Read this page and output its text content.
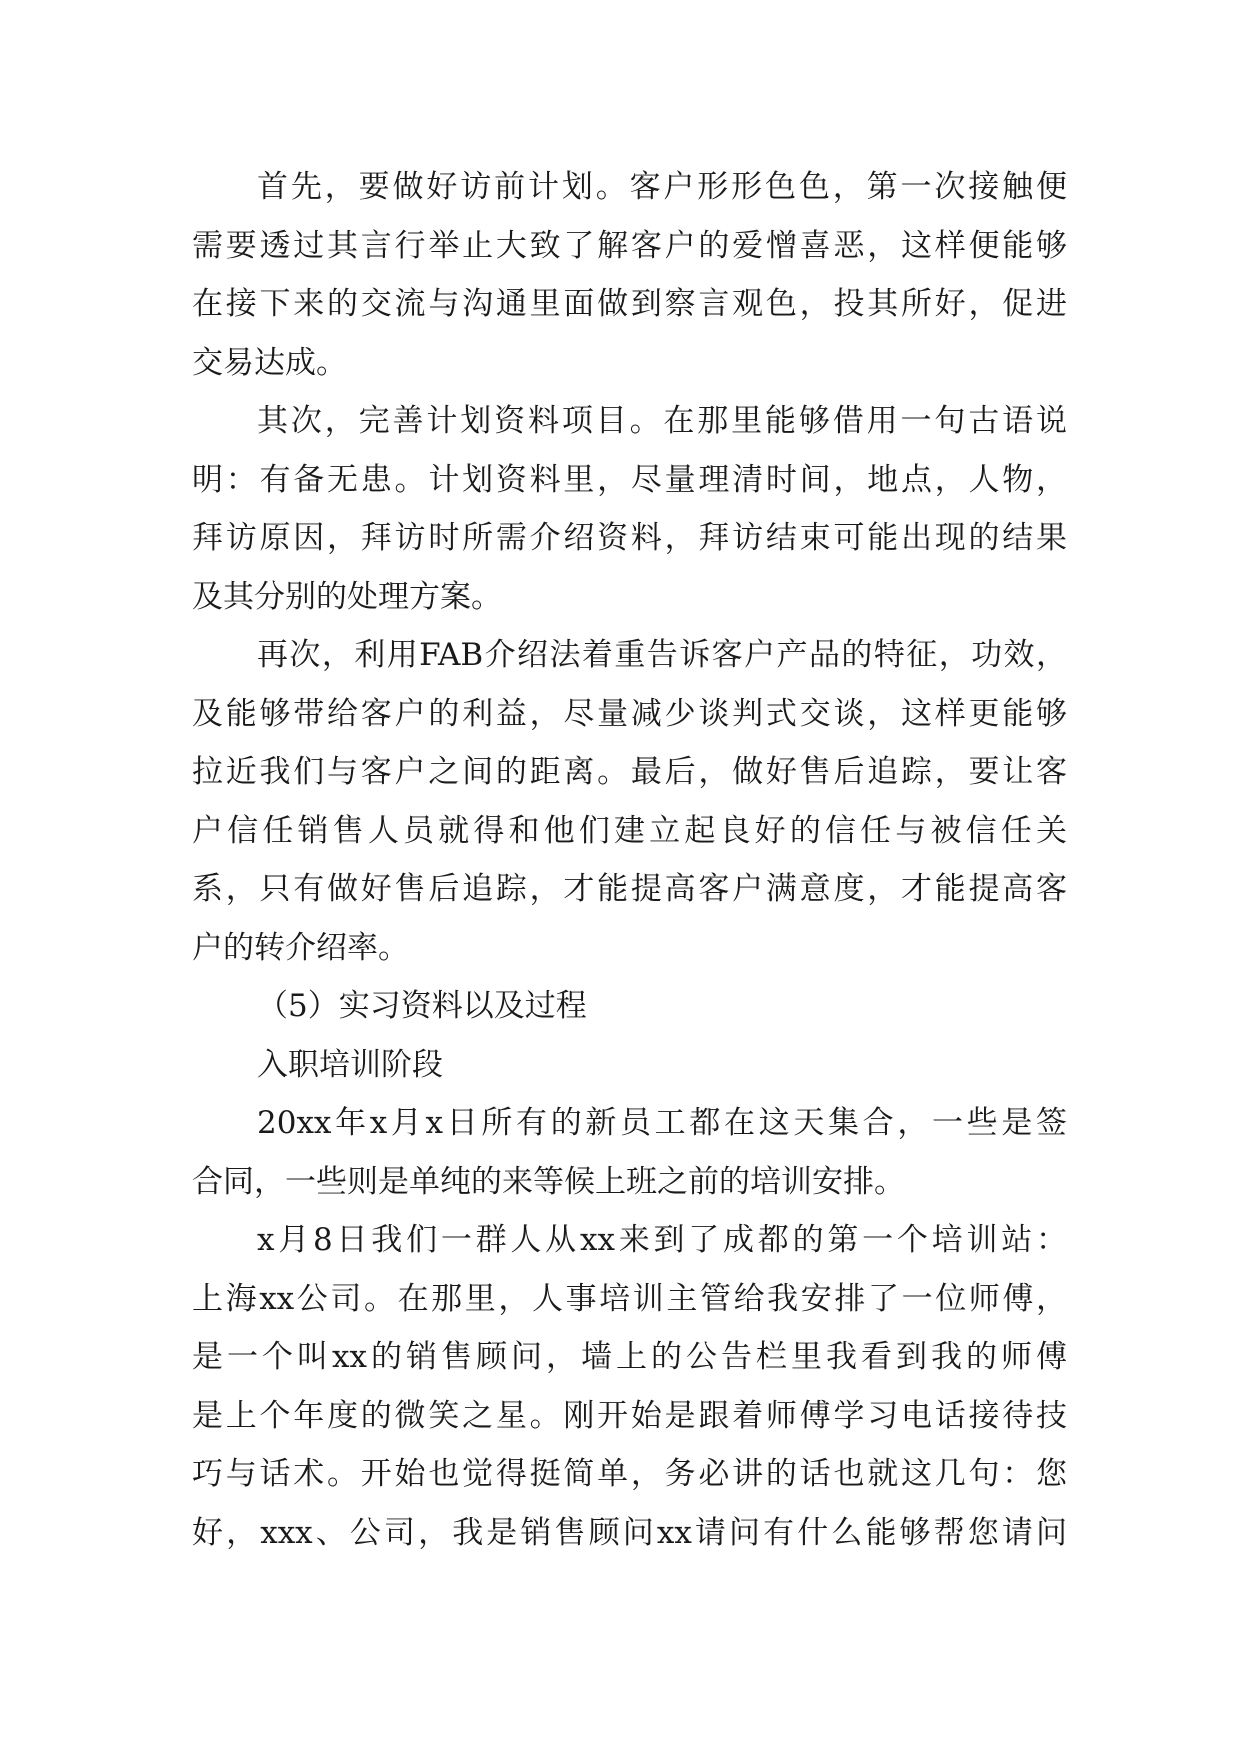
首先，要做好访前计划。客户形形色色，第一次接触便
需要透过其言行举止大致了解客户的爱憎喜恶，这样便能够
在接下来的交流与沟通里面做到察言观色，投其所好，促进
交易达成。
其次，完善计划资料项目。在那里能够借用一句古语说
明：有备无患。计划资料里，尽量理清时间，地点，人物，
拜访原因，拜访时所需介绍资料，拜访结束可能出现的结果
及其分别的处理方案。
再次，利用FAB介绍法着重告诉客户产品的特征，功效，
及能够带给客户的利益，尽量减少谈判式交谈，这样更能够
拉近我们与客户之间的距离。最后，做好售后追踪，要让客
户信任销售人员就得和他们建立起良好的信任与被信任关
系，只有做好售后追踪，才能提高客户满意度，才能提高客
户的转介绍率。
（5）实习资料以及过程
入职培训阶段
20xx年x月x日所有的新员工都在这天集合，一些是签
合同，一些则是单纯的来等候上班之前的培训安排。
x月8日我们一群人从xx来到了成都的第一个培训站：
上海xx公司。在那里，人事培训主管给我安排了一位师傅，
是一个叫xx的销售顾问，墙上的公告栏里我看到我的师傅
是上个年度的微笑之星。刚开始是跟着师傅学习电话接待技
巧与话术。开始也觉得挺简单，务必讲的话也就这几句：您
好，xxx、公司，我是销售顾问xx请问有什么能够帮您请问
